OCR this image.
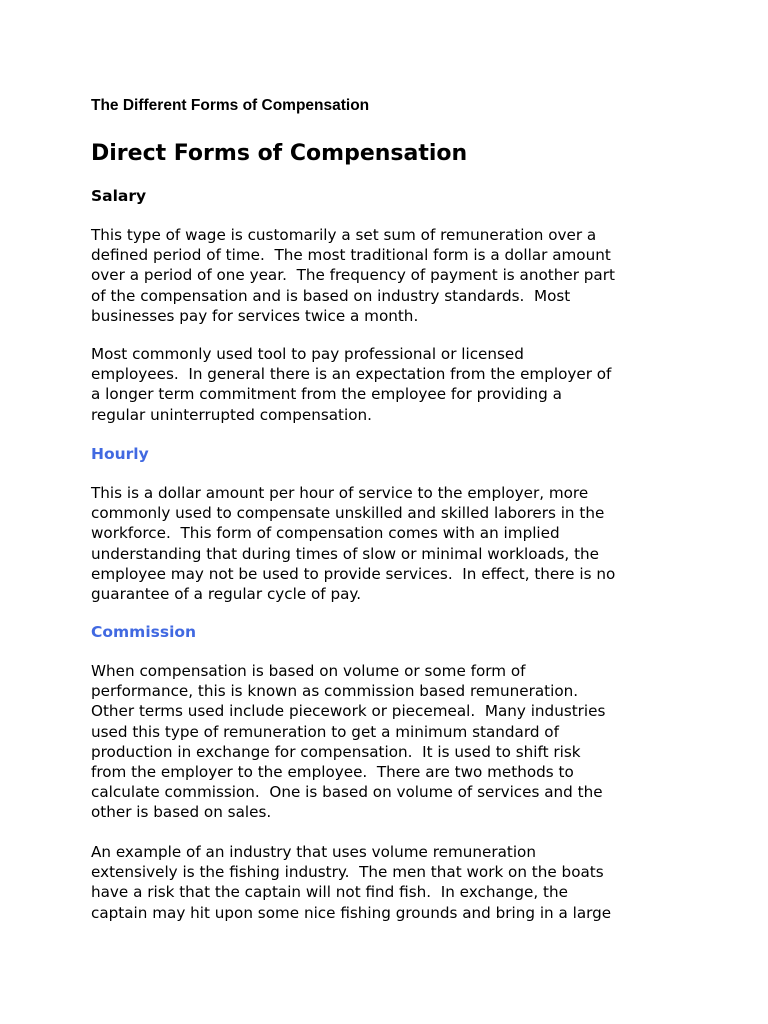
The Different Forms of Compensation
Direct Forms of Compensation
Salary

This type of wage is customarily a set sum of remuneration over a
defined period of time.  The most traditional form is a dollar amount
over a period of one year.  The frequency of payment is another part
of the compensation and is based on industry standards.  Most
businesses pay for services twice a month.

Most commonly used tool to pay professional or licensed
employees.  In general there is an expectation from the employer of
a longer term commitment from the employee for providing a
regular uninterrupted compensation.

Hourly

This is a dollar amount per hour of service to the employer, more
commonly used to compensate unskilled and skilled laborers in the
workforce.  This form of compensation comes with an implied
understanding that during times of slow or minimal workloads, the
employee may not be used to provide services.  In effect, there is no
guarantee of a regular cycle of pay.

Commission

When compensation is based on volume or some form of
performance, this is known as commission based remuneration.
Other terms used include piecework or piecemeal.  Many industries
used this type of remuneration to get a minimum standard of
production in exchange for compensation.  It is used to shift risk
from the employer to the employee.  There are two methods to
calculate commission.  One is based on volume of services and the
other is based on sales.

An example of an industry that uses volume remuneration
extensively is the fishing industry.  The men that work on the boats
have a risk that the captain will not find fish.  In exchange, the
captain may hit upon some nice fishing grounds and bring in a large
